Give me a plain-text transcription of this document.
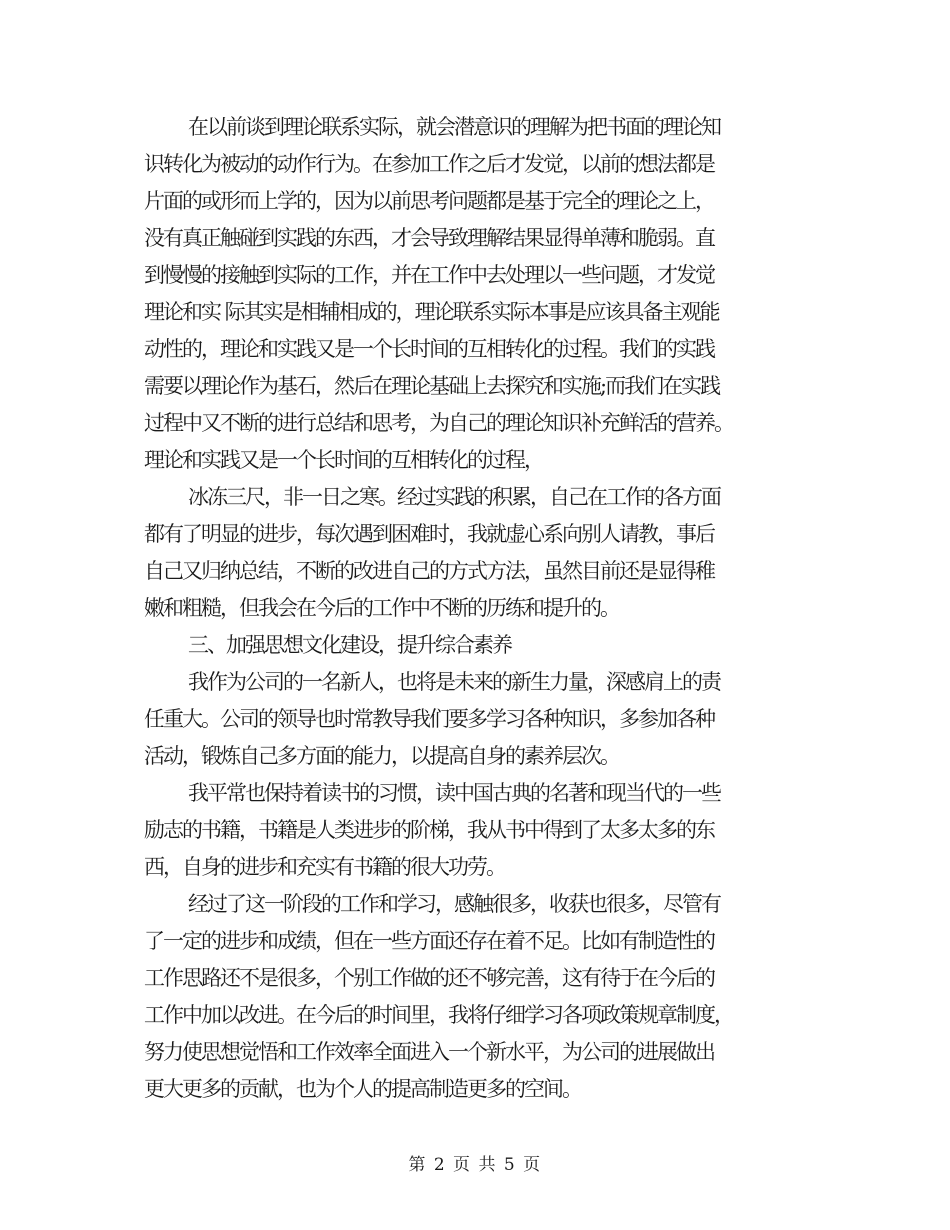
在以前谈到理论联系实际，就会潜意识的理解为把书面的理论知
识转化为被动的动作行为。在参加工作之后才发觉，以前的想法都是
片面的或形而上学的，因为以前思考问题都是基于完全的理论之上，
没有真正触碰到实践的东西，才会导致理解结果显得单薄和脆弱。直
到慢慢的接触到实际的工作，并在工作中去处理以一些问题，才发觉
理论和实 际其实是相辅相成的，理论联系实际本事是应该具备主观能
动性的，理论和实践又是一个长时间的互相转化的过程。我们的实践
需要以理论作为基石，然后在理论基础上去探究和实施;而我们在实践
过程中又不断的进行总结和思考，为自己的理论知识补充鲜活的营养。
理论和实践又是一个长时间的互相转化的过程，
冰冻三尺，非一日之寒。经过实践的积累，自己在工作的各方面
都有了明显的进步，每次遇到困难时，我就虚心系向别人请教，事后
自己又归纳总结，不断的改进自己的方式方法，虽然目前还是显得稚
嫩和粗糙，但我会在今后的工作中不断的历练和提升的。
三、加强思想文化建设，提升综合素养
我作为公司的一名新人，也将是未来的新生力量，深感肩上的责
任重大。公司的领导也时常教导我们要多学习各种知识，多参加各种
活动，锻炼自己多方面的能力，以提高自身的素养层次。
我平常也保持着读书的习惯，读中国古典的名著和现当代的一些
励志的书籍，书籍是人类进步的阶梯，我从书中得到了太多太多的东
西，自身的进步和充实有书籍的很大功劳。
经过了这一阶段的工作和学习，感触很多，收获也很多，尽管有
了一定的进步和成绩，但在一些方面还存在着不足。比如有制造性的
工作思路还不是很多，个别工作做的还不够完善，这有待于在今后的
工作中加以改进。在今后的时间里，我将仔细学习各项政策规章制度，
努力使思想觉悟和工作效率全面进入一个新水平，为公司的进展做出
更大更多的贡献，也为个人的提高制造更多的空间。
第 2 页 共 5 页
